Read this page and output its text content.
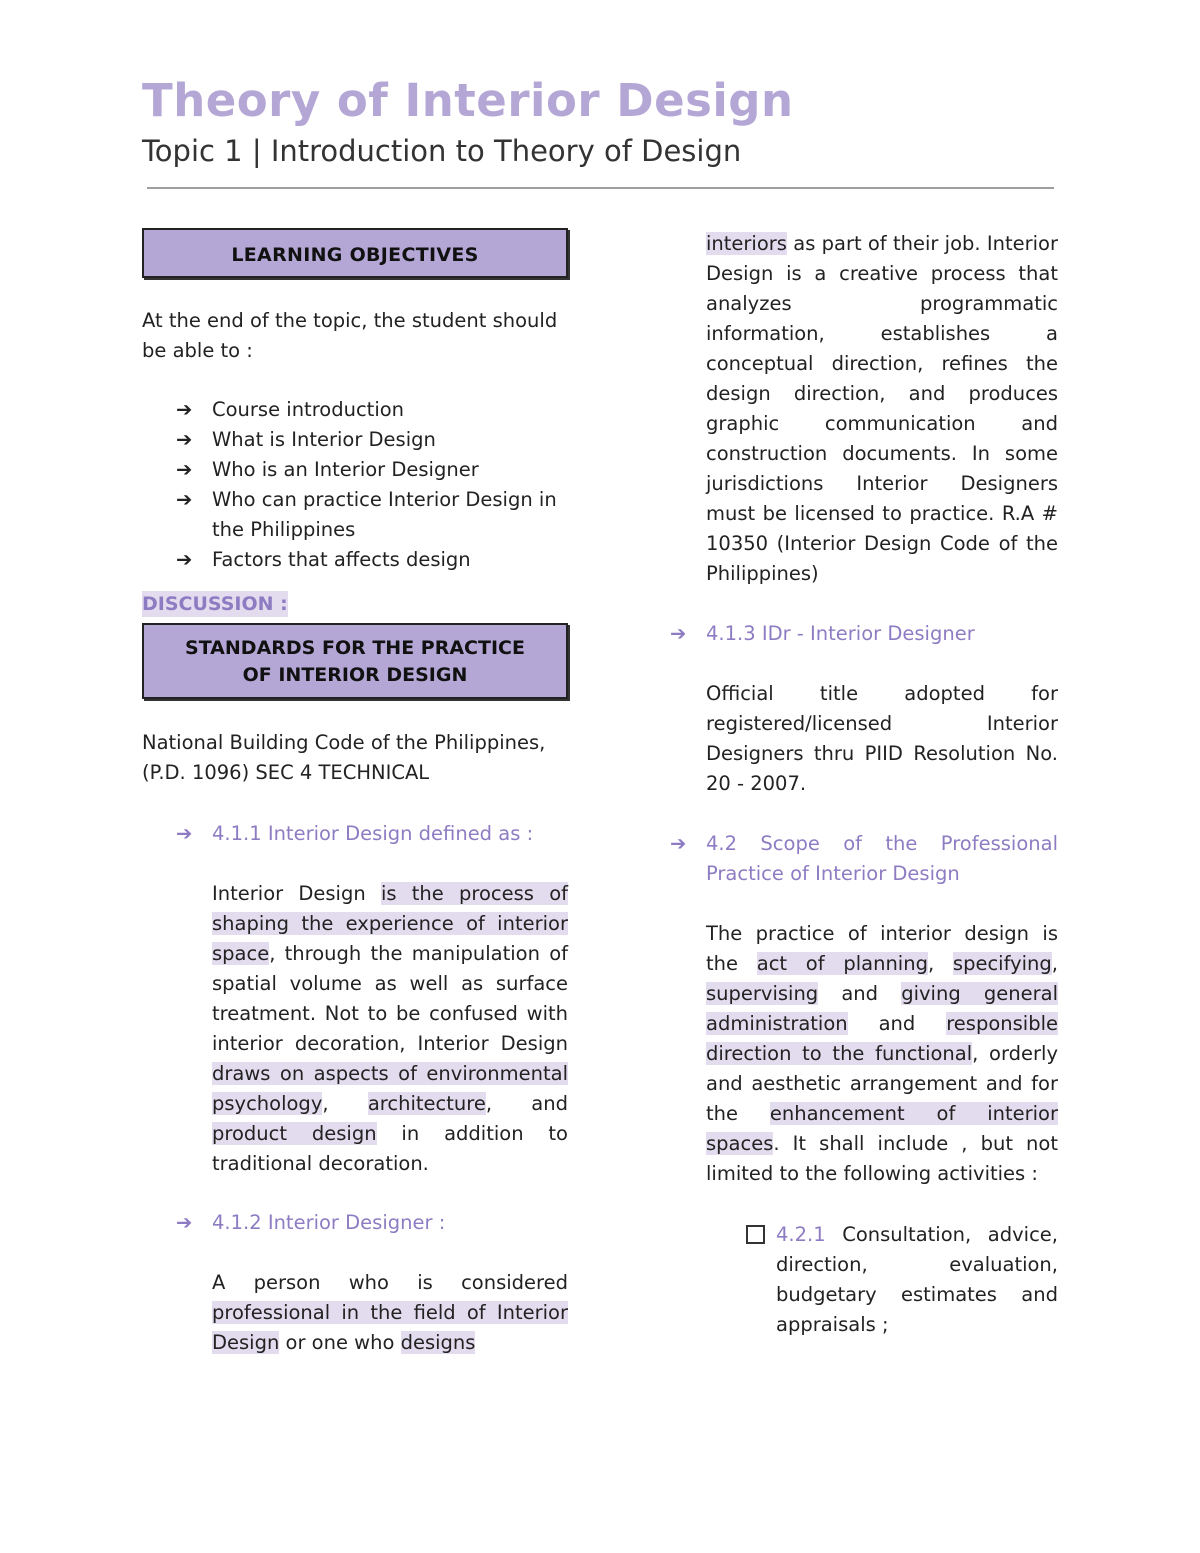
Theory of Interior Design
Topic 1 | Introduction to Theory of Design
LEARNING OBJECTIVES

At the end of the topic, the student should be able to :

➔ Course introduction
➔ What is Interior Design
➔ Who is an Interior Designer
➔ Who can practice Interior Design in the Philippines
➔ Factors that affects design
DISCUSSION :
STANDARDS FOR THE PRACTICE
OF INTERIOR DESIGN

National Building Code of the Philippines, (P.D. 1096) SEC 4 TECHNICAL

➔ 4.1.1 Interior Design defined as :

Interior Design is the process of shaping the experience of interior space, through the manipulation of spatial volume as well as surface treatment. Not to be confused with interior decoration, Interior Design draws on aspects of environmental psychology, architecture, and product design in addition to traditional decoration.

➔ 4.1.2 Interior Designer :

A person who is considered professional in the field of Interior Design or one who designs

interiors as part of their job. Interior Design is a creative process that analyzes programmatic information, establishes a conceptual direction, refines the design direction, and produces graphic communication and construction documents. In some jurisdictions Interior Designers must be licensed to practice. R.A # 10350 (Interior Design Code of the Philippines)

➔ 4.1.3 IDr - Interior Designer

Official title adopted for registered/licensed Interior Designers thru PIID Resolution No. 20 - 2007.

➔ 4.2 Scope of the Professional Practice of Interior Design

The practice of interior design is the act of planning, specifying, supervising and giving general administration and responsible direction to the functional, orderly and aesthetic arrangement and for the enhancement of interior spaces. It shall include , but not limited to the following activities :

4.2.1 Consultation, advice, direction, evaluation, budgetary estimates and appraisals ;
